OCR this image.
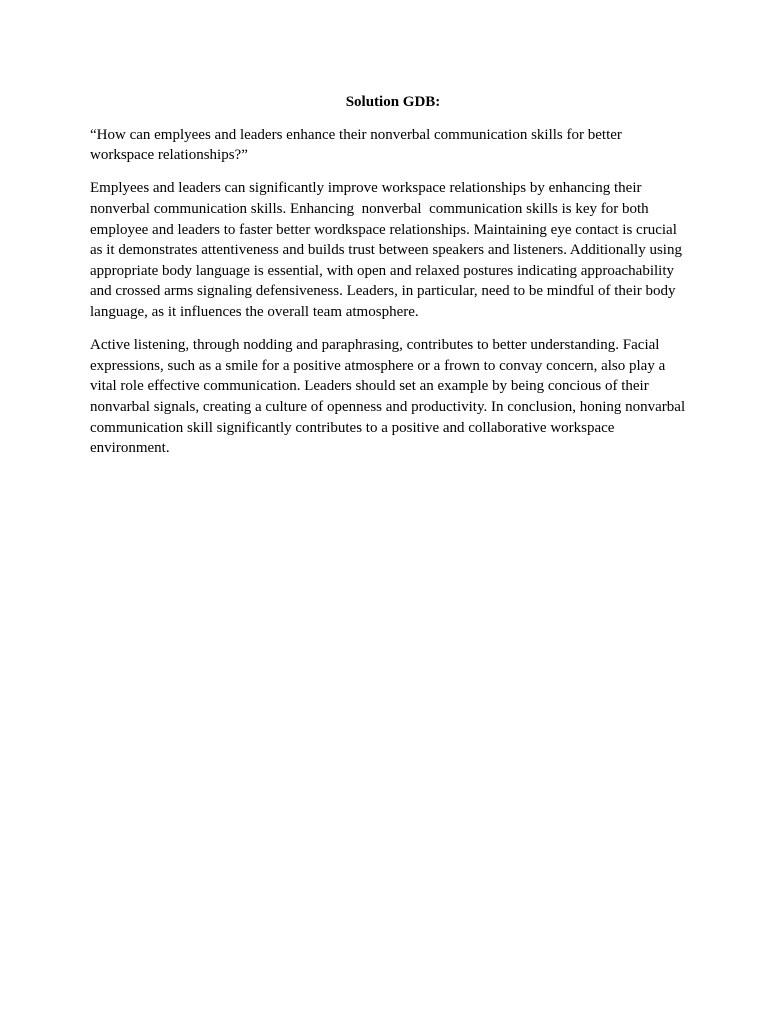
Solution GDB:

“How can emplyees and leaders enhance their nonverbal communication skills for better workspace relationships?”

Emplyees and leaders can significantly improve workspace relationships by enhancing their nonverbal communication skills. Enhancing  nonverbal  communication skills is key for both employee and leaders to faster better wordkspace relationships. Maintaining eye contact is crucial as it demonstrates attentiveness and builds trust between speakers and listeners. Additionally using appropriate body language is essential, with open and relaxed postures indicating approachability and crossed arms signaling defensiveness. Leaders, in particular, need to be mindful of their body language, as it influences the overall team atmosphere.

Active listening, through nodding and paraphrasing, contributes to better understanding. Facial expressions, such as a smile for a positive atmosphere or a frown to convay concern, also play a vital role effective communication. Leaders should set an example by being concious of their nonvarbal signals, creating a culture of openness and productivity. In conclusion, honing nonvarbal communication skill significantly contributes to a positive and collaborative workspace environment.
